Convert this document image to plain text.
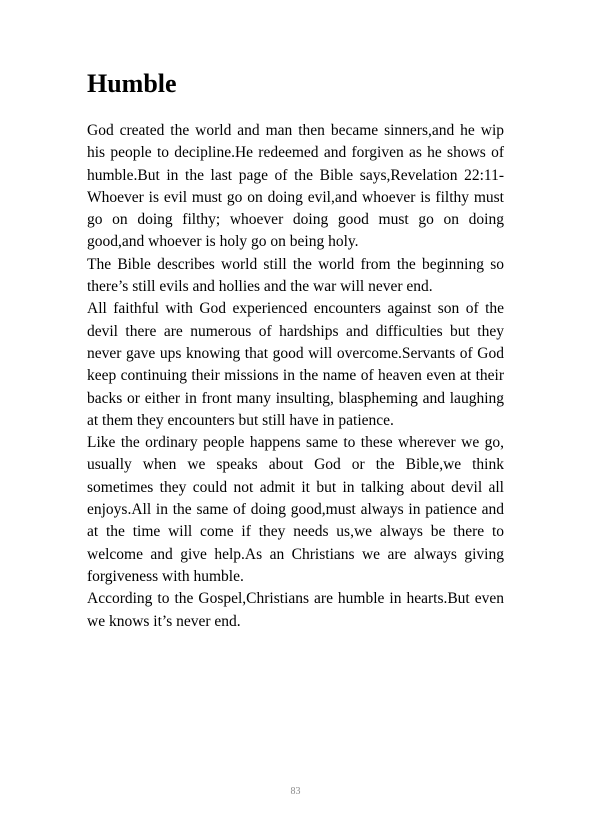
Humble

God created the world and man then became sinners,and he wip his people to decipline.He redeemed and forgiven as he shows of humble.But in the last page of the Bible says,Revelation 22:11-Whoever is evil must go on doing evil,and whoever is filthy must go on doing filthy; whoever doing good must go on doing good,and whoever is holy go on being holy.

The Bible describes world still the world from the beginning so there’s still evils and hollies and the war will never end.

All faithful with God experienced encounters against son of the devil there are numerous of hardships and difficulties but they never gave ups knowing that good will overcome.Servants of God keep continuing their missions in the name of heaven even at their backs or either in front many insulting, blaspheming and laughing at them they encounters but still have in patience.

Like the ordinary people happens same to these wherever we go, usually when we speaks about God or the Bible,we think sometimes they could not admit it but in talking about devil all enjoys.All in the same of doing good,must always in patience and at the time will come if they needs us,we always be there to welcome and give help.As an Christians we are always giving forgiveness with humble.

According to the Gospel,Christians are humble in hearts.But even we knows it’s never end.

83
